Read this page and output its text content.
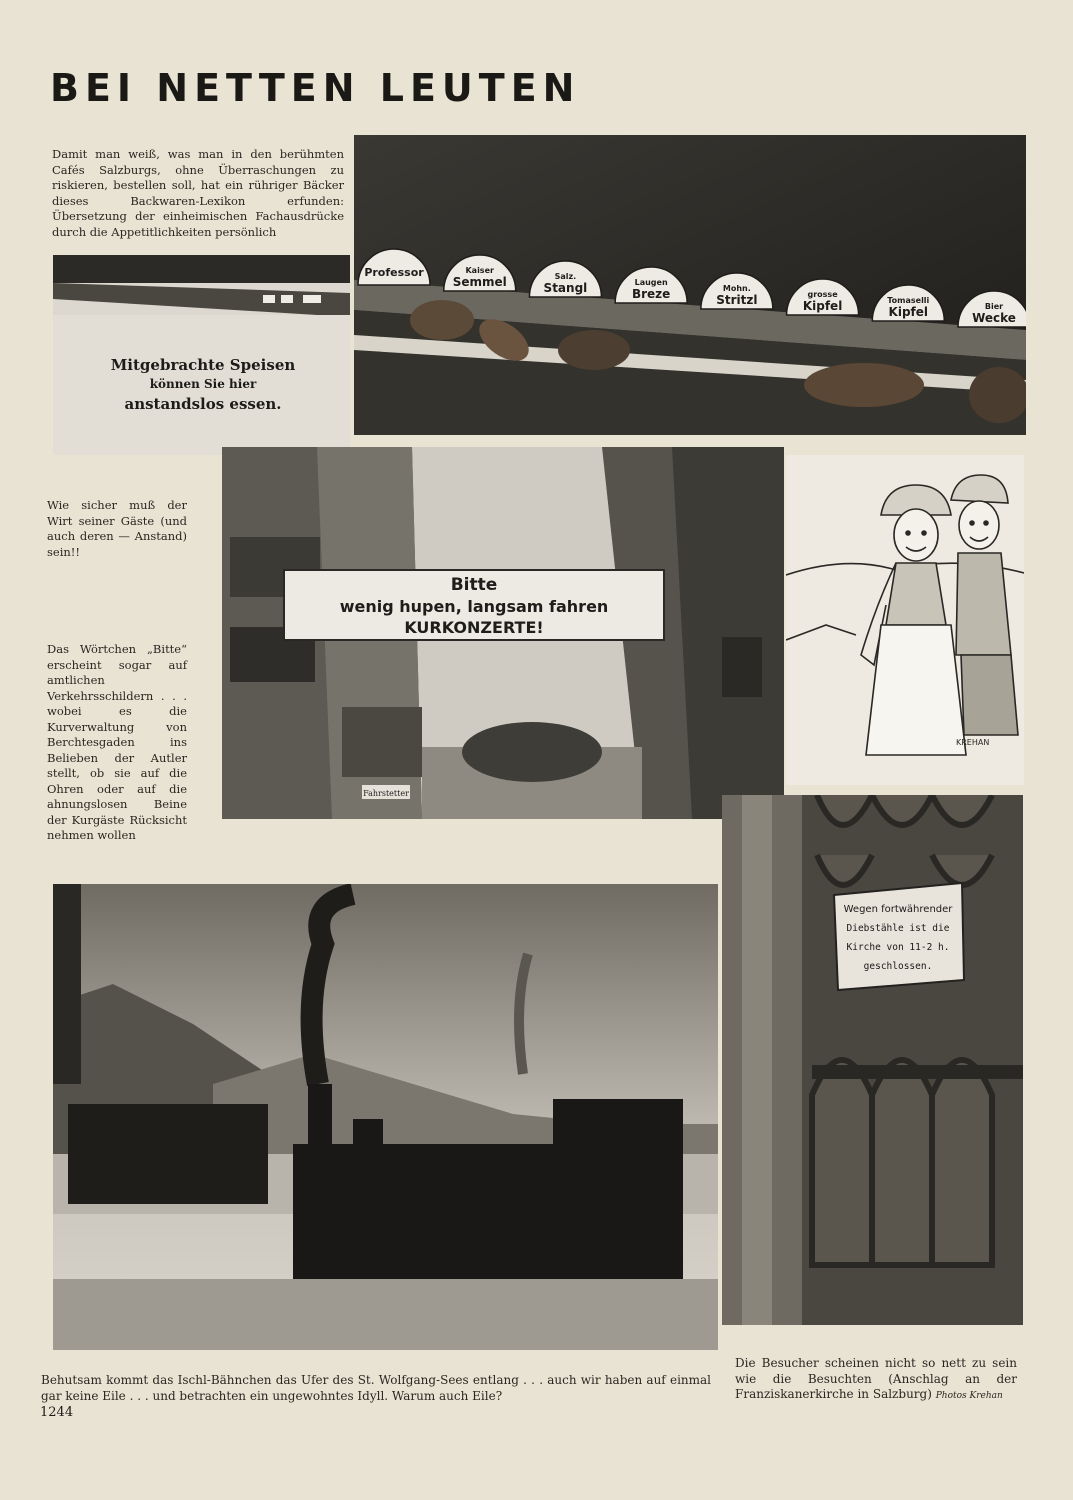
BEI NETTEN LEUTEN
Damit man weiß, was man in den berühmten Cafés Salzburgs, ohne Überraschungen zu riskieren, bestellen soll, hat ein rühriger Bäcker dieses Backwaren-Lexikon erfunden: Übersetzung der einheimischen Fachausdrücke durch die Appetitlichkeiten persönlich
Mitgebrachte Speisen
können Sie hier
anstandslos essen.
Professor	Kaiser
Semmel	Salz.
Stangl	Laugen
Breze	Mohn.
Stritzl	grosse
Kipfel	Tomaselli
Kipfel	Bier
Wecke
Wie sicher muß der Wirt seiner Gäste (und auch deren — Anstand) sein!!
Das Wörtchen „Bitte“ erscheint sogar auf amtlichen Verkehrsschildern . . . wobei es die Kurverwaltung von Berchtesgaden ins Belieben der Autler stellt, ob sie auf die Ohren oder auf die ahnungslosen Beine der Kurgäste Rücksicht nehmen wollen
Bitte
wenig hupen, langsam fahren
KURKONZERTE!
Fahrstetter
KREHAN
Wegen fortwährender
Diebstähle ist die
Kirche von 11-2 h.
geschlossen.
Behutsam kommt das Ischl-Bähnchen das Ufer des St. Wolfgang-Sees entlang . . . auch wir haben auf einmal gar keine Eile . . . und betrachten ein ungewohntes Idyll. Warum auch Eile?
Die Besucher scheinen nicht so nett zu sein wie die Besuchten (Anschlag an der Franziskanerkirche in Salzburg) Photos Krehan
1244
